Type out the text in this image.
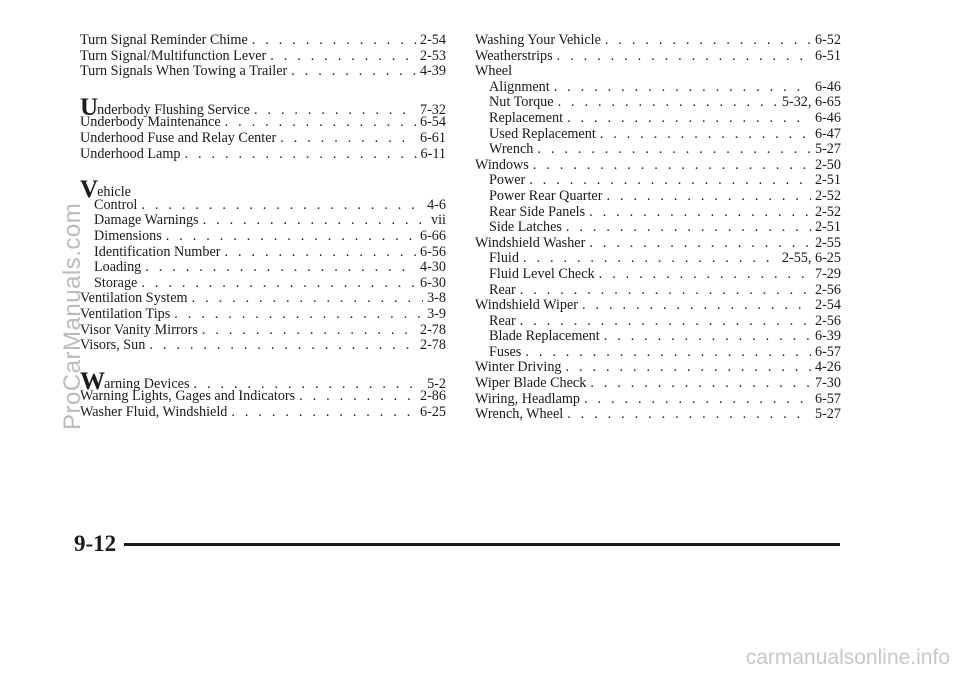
Turn Signal Reminder Chime . . .	2-54
Turn Signal/Multifunction Lever . . .	2-53
Turn Signals When Towing a Trailer . . .	4-39
Underbody Flushing Service . . .	7-32
Underbody Maintenance . . .	6-54
Underhood Fuse and Relay Center . . .	6-61
Underhood Lamp . . .	6-11
Vehicle
Control . . .	4-6
Damage Warnings . . .	vii
Dimensions . . .	6-66
Identification Number . . .	6-56
Loading . . .	4-30
Storage . . .	6-30
Ventilation System . . .	3-8
Ventilation Tips . . .	3-9
Visor Vanity Mirrors . . .	2-78
Visors, Sun . . .	2-78
Warning Devices . . .	5-2
Warning Lights, Gages and Indicators . . .	2-86
Washer Fluid, Windshield . . .	6-25
Washing Your Vehicle . . .	6-52
Weatherstrips . . .	6-51
Wheel
Alignment . . .	6-46
Nut Torque . . .	5-32, 6-65
Replacement . . .	6-46
Used Replacement . . .	6-47
Wrench . . .	5-27
Windows . . .	2-50
Power . . .	2-51
Power Rear Quarter . . .	2-52
Rear Side Panels . . .	2-52
Side Latches . . .	2-51
Windshield Washer . . .	2-55
Fluid . . .	2-55, 6-25
Fluid Level Check . . .	7-29
Rear . . .	2-56
Windshield Wiper . . .	2-54
Rear . . .	2-56
Blade Replacement . . .	6-39
Fuses . . .	6-57
Winter Driving . . .	4-26
Wiper Blade Check . . .	7-30
Wiring, Headlamp . . .	6-57
Wrench, Wheel . . .	5-27
9-12
ProCarManuals.com
carmanualsonline.info
